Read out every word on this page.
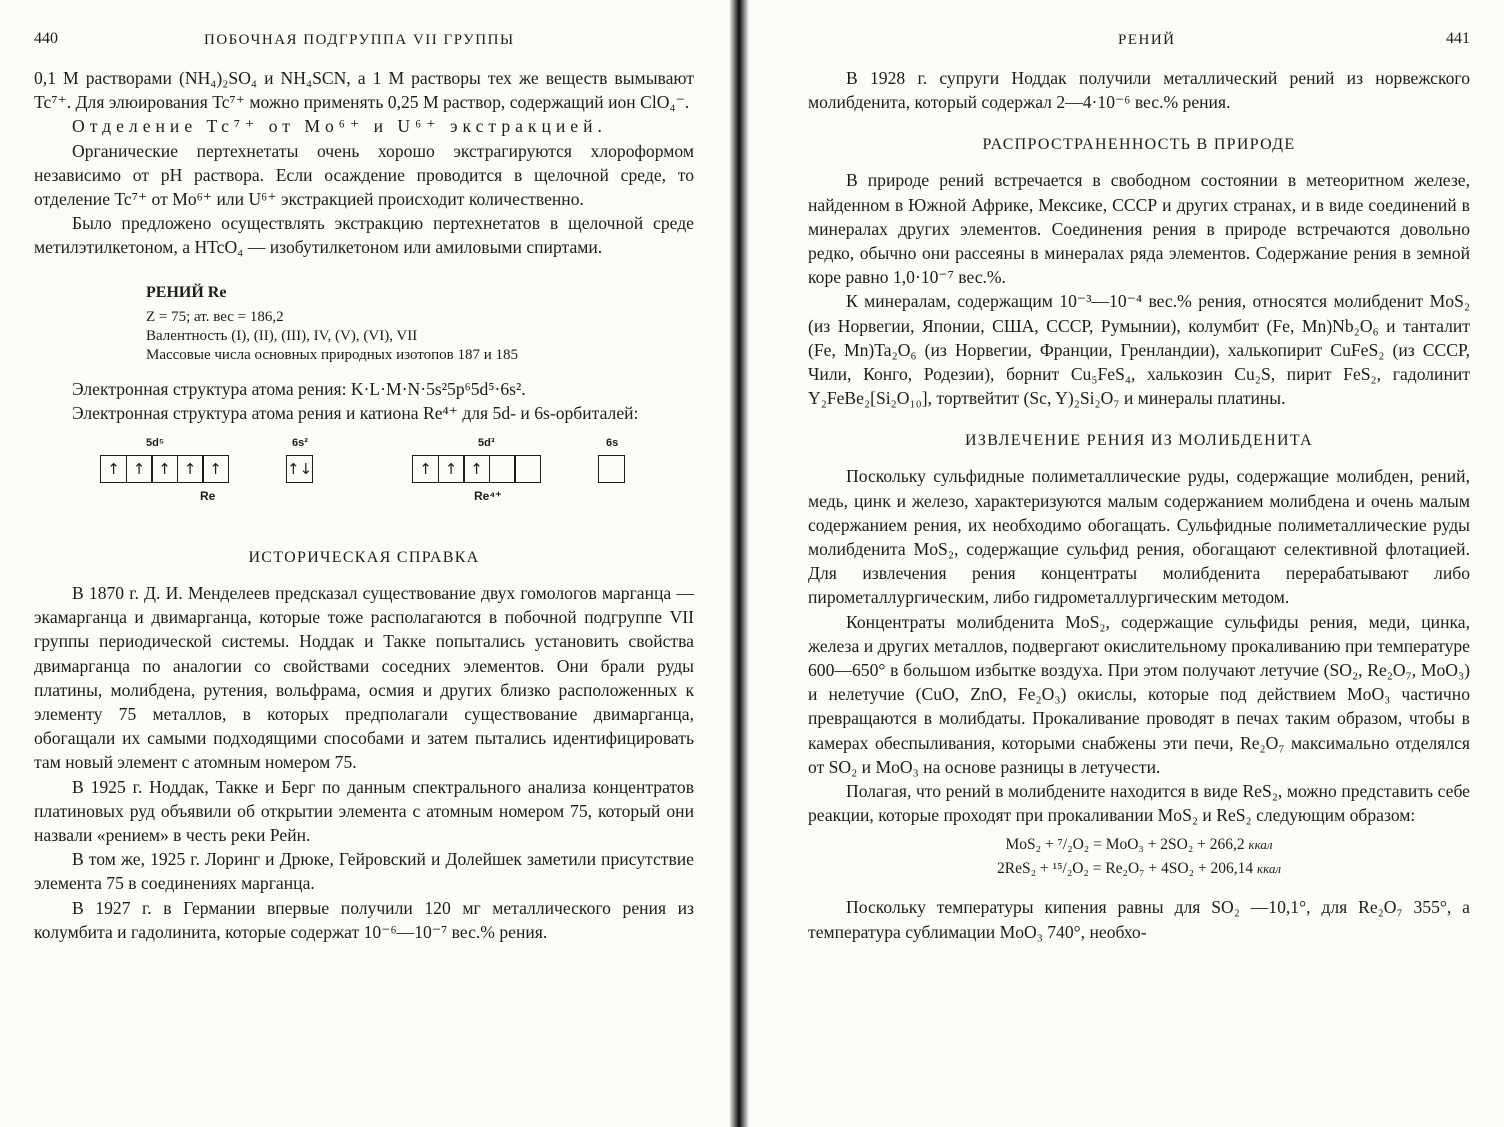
440	ПОБОЧНАЯ ПОДГРУППА VII ГРУППЫ

0,1 M растворами (NH₄)₂SO₄ и NH₄SCN, а 1 M растворы тех же веществ вымывают Tc⁷⁺. Для элюирования Tc⁷⁺ можно применять 0,25 M раствор, содержащий ион ClO₄⁻.

Отделение Tc⁷⁺ от Mo⁶⁺ и U⁶⁺ экстракцией.

Органические пертехнетаты очень хорошо экстрагируются хлороформом независимо от pH раствора. Если осаждение проводится в щелочной среде, то отделение Tc⁷⁺ от Mo⁶⁺ или U⁶⁺ экстракцией происходит количественно.

Было предложено осуществлять экстракцию пертехнетатов в щелочной среде метилэтилкетоном, а HTcO₄ — изобутилкетоном или амиловыми спиртами.

РЕНИЙ Re
Z = 75; ат. вес = 186,2
Валентность (I), (II), (III), IV, (V), (VI), VII
Массовые числа основных природных изотопов 187 и 185

Электронная структура атома рения: K·L·M·N·5s²5p⁶5d⁵·6s².

Электронная структура атома рения и катиона Re⁴⁺ для 5d- и 6s-орбиталей:

5d⁵
↑ ↑ ↑ ↑ ↑
6s²
↑↓
Re
5d³
↑ ↑ ↑
6s
Re⁴⁺
ИСТОРИЧЕСКАЯ СПРАВКА

В 1870 г. Д. И. Менделеев предсказал существование двух гомологов марганца — экамарганца и двимарганца, которые тоже располагаются в побочной подгруппе VII группы периодической системы. Ноддак и Такке попытались установить свойства двимарганца по аналогии со свойствами соседних элементов. Они брали руды платины, молибдена, рутения, вольфрама, осмия и других близко расположенных к элементу 75 металлов, в которых предполагали существование двимарганца, обогащали их самыми подходящими способами и затем пытались идентифицировать там новый элемент с атомным номером 75.

В 1925 г. Ноддак, Такке и Берг по данным спектрального анализа концентратов платиновых руд объявили об открытии элемента с атомным номером 75, который они назвали «рением» в честь реки Рейн.

В том же, 1925 г. Лоринг и Дрюке, Гейровский и Долейшек заметили присутствие элемента 75 в соединениях марганца.

В 1927 г. в Германии впервые получили 120 мг металлического рения из колумбита и гадолинита, которые содержат 10⁻⁶—10⁻⁷ вес.% рения.

РЕНИЙ	441

В 1928 г. супруги Ноддак получили металлический рений из норвежского молибденита, который содержал 2—4·10⁻⁶ вес.% рения.

РАСПРОСТРАНЕННОСТЬ В ПРИРОДЕ

В природе рений встречается в свободном состоянии в метеоритном железе, найденном в Южной Африке, Мексике, СССР и других странах, и в виде соединений в минералах других элементов. Соединения рения в природе встречаются довольно редко, обычно они рассеяны в минералах ряда элементов. Содержание рения в земной коре равно 1,0·10⁻⁷ вес.%.

К минералам, содержащим 10⁻³—10⁻⁴ вес.% рения, относятся молибденит MoS₂ (из Норвегии, Японии, США, СССР, Румынии), колумбит (Fe, Mn)Nb₂O₆ и танталит (Fe, Mn)Ta₂O₆ (из Норвегии, Франции, Гренландии), халькопирит CuFeS₂ (из СССР, Чили, Конго, Родезии), борнит Cu₅FeS₄, халькозин Cu₂S, пирит FeS₂, гадолинит Y₂FeBe₂[Si₂O₁₀], тортвейтит (Sc, Y)₂Si₂O₇ и минералы платины.

ИЗВЛЕЧЕНИЕ РЕНИЯ ИЗ МОЛИБДЕНИТА

Поскольку сульфидные полиметаллические руды, содержащие молибден, рений, медь, цинк и железо, характеризуются малым содержанием молибдена и очень малым содержанием рения, их необходимо обогащать. Сульфидные полиметаллические руды молибденита MoS₂, содержащие сульфид рения, обогащают селективной флотацией. Для извлечения рения концентраты молибденита перерабатывают либо пирометаллургическим, либо гидрометаллургическим методом.

Концентраты молибденита MoS₂, содержащие сульфиды рения, меди, цинка, железа и других металлов, подвергают окислительному прокаливанию при температуре 600—650° в большом избытке воздуха. При этом получают летучие (SO₂, Re₂O₇, MoO₃) и нелетучие (CuO, ZnO, Fe₂O₃) окислы, которые под действием MoO₃ частично превращаются в молибдаты. Прокаливание проводят в печах таким образом, чтобы в камерах обеспыливания, которыми снабжены эти печи, Re₂O₇ максимально отделялся от SO₂ и MoO₃ на основе разницы в летучести.

Полагая, что рений в молибдените находится в виде ReS₂, можно представить себе реакции, которые проходят при прокаливании MoS₂ и ReS₂ следующим образом:

MoS₂ + ⁷/₂O₂ = MoO₃ + 2SO₂ + 266,2 ккал
2ReS₂ + ¹⁵/₂O₂ = Re₂O₇ + 4SO₂ + 206,14 ккал

Поскольку температуры кипения равны для SO₂ —10,1°, для Re₂O₇ 355°, а температура сублимации MoO₃ 740°, необхо-
